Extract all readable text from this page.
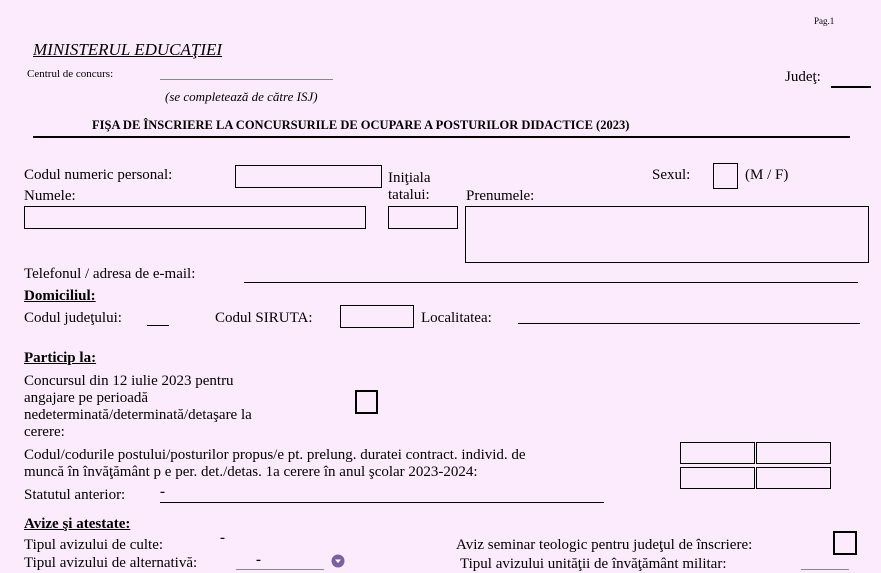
Pag.1
MINISTERUL EDUCAŢIEI
Centrul de concurs:
(se completează de către ISJ)
Judeţ:
FIŞA DE ÎNSCRIERE LA CONCURSURILE DE OCUPARE A POSTURILOR DIDACTICE (2023)
Codul numeric personal:	Iniţiala
tatalui:
Sexul:	(M / F)
Numele:	Prenumele:
Telefonul / adresa de e-mail:
Domiciliul:
Codul judeţului:	Codul SIRUTA:	Localitatea:
Particip la:
Concursul din 12 iulie 2023 pentru
angajare pe perioadă
nedeterminată/determinată/detaşare la
cerere:
Codul/codurile postului/posturilor propus/e pt. prelung. duratei contract. individ. de
muncă în învăţământ p e per. det./detas. 1a cerere în anul şcolar 2023-2024:
Statutul anterior: -
Avize şi atestate:
Tipul avizului de culte:	-
Tipul avizului de alternativă:	-
Aviz seminar teologic pentru judeţul de înscriere:
Tipul avizului unităţii de învăţământ militar:
